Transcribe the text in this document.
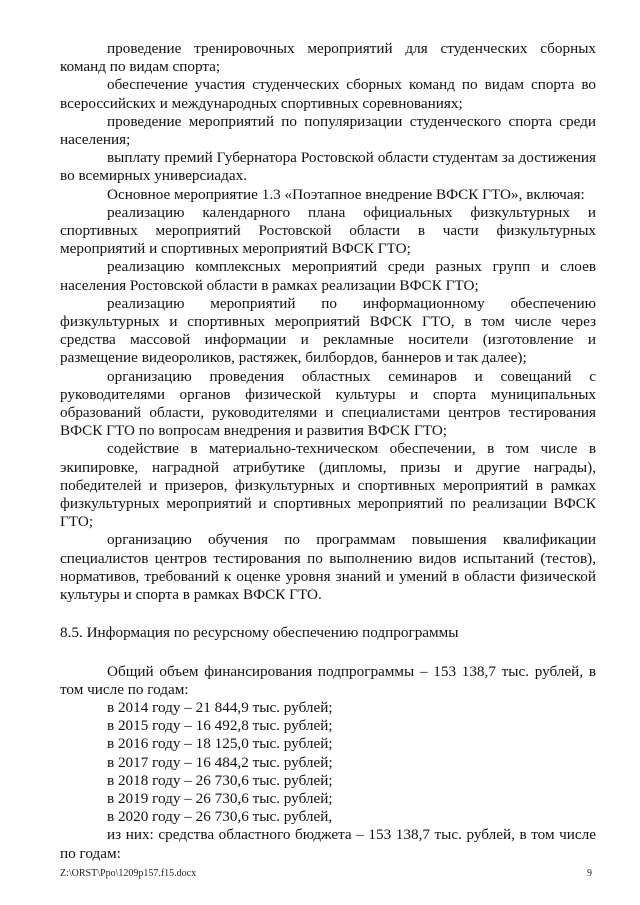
проведение тренировочных мероприятий для студенческих сборных команд по видам спорта;

обеспечение участия студенческих сборных команд по видам спорта во всероссийских и международных спортивных соревнованиях;

проведение мероприятий по популяризации студенческого спорта среди населения;

выплату премий Губернатора Ростовской области студентам за достижения во всемирных универсиадах.

Основное мероприятие 1.3 «Поэтапное внедрение ВФСК ГТО», включая:

реализацию календарного плана официальных физкультурных и спортивных мероприятий Ростовской области в части физкультурных мероприятий и спортивных мероприятий ВФСК ГТО;

реализацию комплексных мероприятий среди разных групп и слоев населения Ростовской области в рамках реализации ВФСК ГТО;

реализацию мероприятий по информационному обеспечению физкультурных и спортивных мероприятий ВФСК ГТО, в том числе через средства массовой информации и рекламные носители (изготовление и размещение видеороликов, растяжек, билбордов, баннеров и так далее);

организацию проведения областных семинаров и совещаний с руководителями органов физической культуры и спорта муниципальных образований области, руководителями и специалистами центров тестирования ВФСК ГТО по вопросам внедрения и развития ВФСК ГТО;

содействие в материально-техническом обеспечении, в том числе в экипировке, наградной атрибутике (дипломы, призы и другие награды), победителей и призеров, физкультурных и спортивных мероприятий в рамках физкультурных мероприятий и спортивных мероприятий по реализации ВФСК ГТО;

организацию обучения по программам повышения квалификации специалистов центров тестирования по выполнению видов испытаний (тестов), нормативов, требований к оценке уровня знаний и умений в области физической культуры и спорта в рамках ВФСК ГТО.

8.5. Информация по ресурсному обеспечению подпрограммы

Общий объем финансирования подпрограммы – 153 138,7 тыс. рублей, в том числе по годам:

в 2014 году – 21 844,9 тыс. рублей;

в 2015 году – 16 492,8 тыс. рублей;

в 2016 году – 18 125,0 тыс. рублей;

в 2017 году – 16 484,2 тыс. рублей;

в 2018 году – 26 730,6 тыс. рублей;

в 2019 году – 26 730,6 тыс. рублей;

в 2020 году – 26 730,6 тыс. рублей,

из них: средства областного бюджета – 153 138,7 тыс. рублей, в том числе по годам:

Z:\ORST\Ppo\1209p157.f15.docx	9
